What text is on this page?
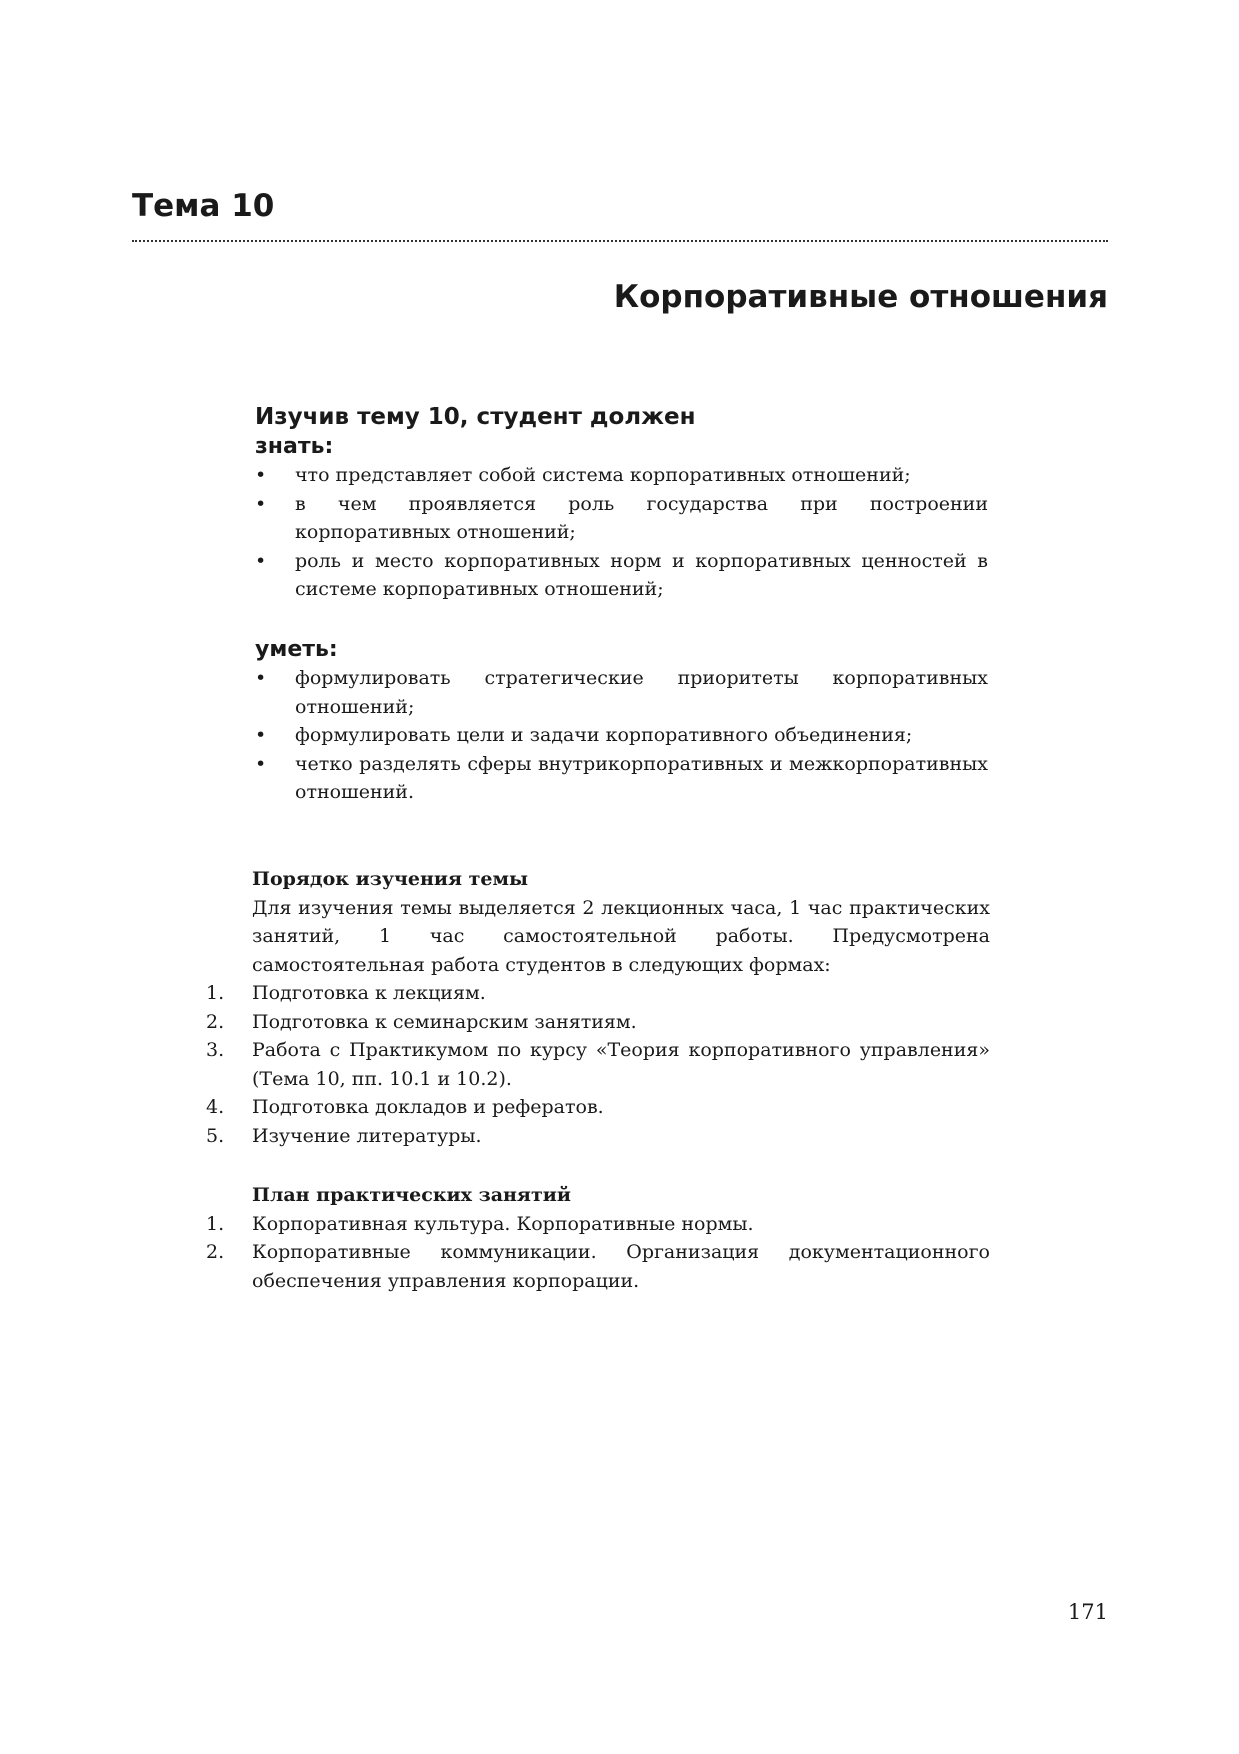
Тема 10
Корпоративные отношения
Изучив тему 10, студент должен
знать:
что представляет собой система корпоративных отношений;
в чем проявляется роль государства при построении корпоративных отношений;
роль и место корпоративных норм и корпоративных ценностей в системе корпоративных отношений;
уметь:
формулировать стратегические приоритеты корпоративных отношений;
формулировать цели и задачи корпоративного объединения;
четко разделять сферы внутрикорпоративных и межкорпоративных отношений.
Порядок изучения темы
Для изучения темы выделяется 2 лекционных часа, 1 час практических занятий, 1 час самостоятельной работы. Предусмотрена самостоятельная работа студентов в следующих формах:
1. Подготовка к лекциям.
2. Подготовка к семинарским занятиям.
3. Работа с Практикумом по курсу «Теория корпоративного управления» (Тема 10, пп. 10.1 и 10.2).
4. Подготовка докладов и рефератов.
5. Изучение литературы.
План практических занятий
1. Корпоративная культура. Корпоративные нормы.
2. Корпоративные коммуникации. Организация документационного обеспечения управления корпорации.
171
